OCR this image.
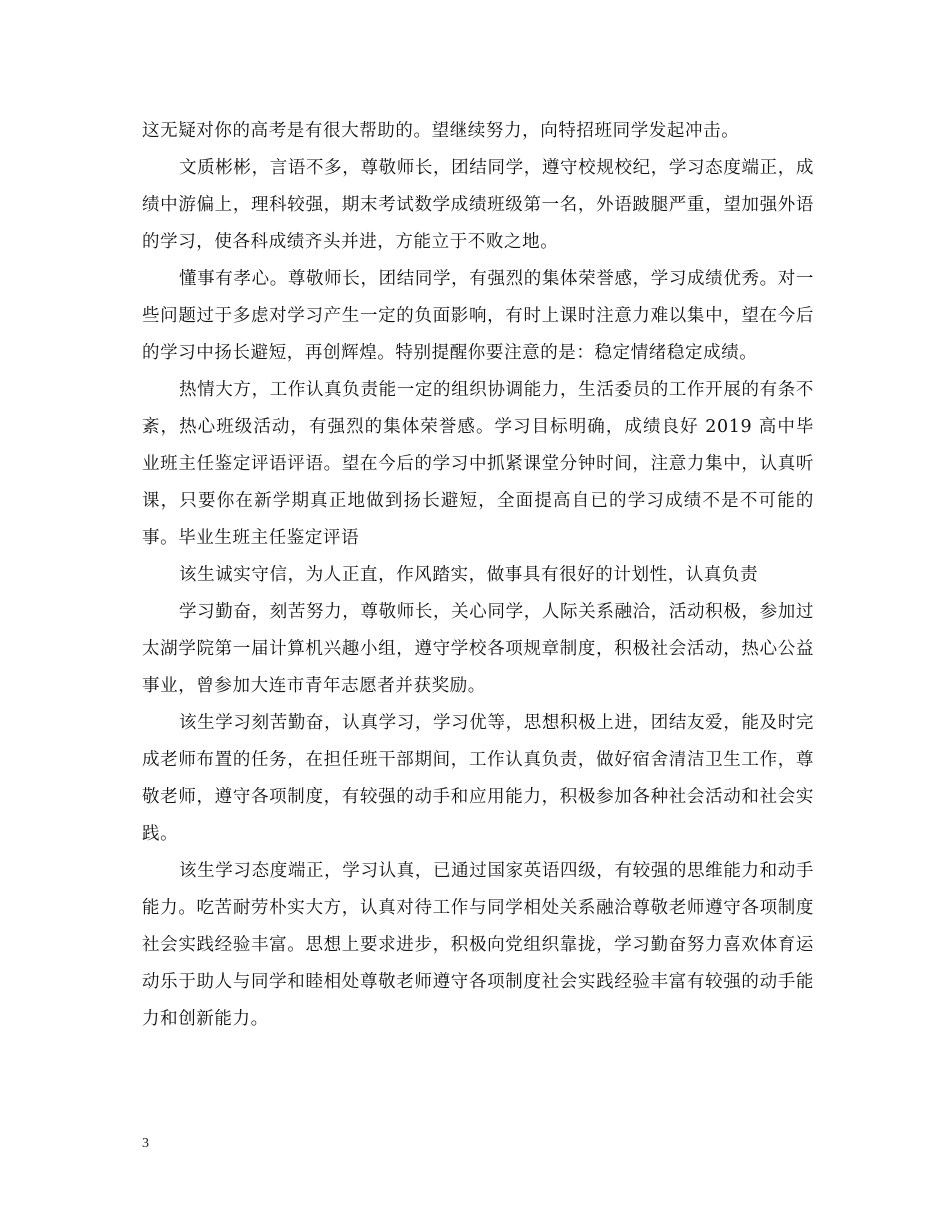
这无疑对你的高考是有很大帮助的。望继续努力，向特招班同学发起冲击。

文质彬彬，言语不多，尊敬师长，团结同学，遵守校规校纪，学习态度端正，成绩中游偏上，理科较强，期末考试数学成绩班级第一名，外语跛腿严重，望加强外语的学习，使各科成绩齐头并进，方能立于不败之地。

懂事有孝心。尊敬师长，团结同学，有强烈的集体荣誉感，学习成绩优秀。对一些问题过于多虑对学习产生一定的负面影响，有时上课时注意力难以集中，望在今后的学习中扬长避短，再创辉煌。特别提醒你要注意的是：稳定情绪稳定成绩。

热情大方，工作认真负责能一定的组织协调能力，生活委员的工作开展的有条不紊，热心班级活动，有强烈的集体荣誉感。学习目标明确，成绩良好 2019 高中毕业班主任鉴定评语评语。望在今后的学习中抓紧课堂分钟时间，注意力集中，认真听课，只要你在新学期真正地做到扬长避短，全面提高自已的学习成绩不是不可能的事。毕业生班主任鉴定评语

该生诚实守信，为人正直，作风踏实，做事具有很好的计划性，认真负责

学习勤奋，刻苦努力，尊敬师长，关心同学，人际关系融洽，活动积极，参加过太湖学院第一届计算机兴趣小组，遵守学校各项规章制度，积极社会活动，热心公益事业，曾参加大连市青年志愿者并获奖励。

该生学习刻苦勤奋，认真学习，学习优等，思想积极上进，团结友爱，能及时完成老师布置的任务，在担任班干部期间，工作认真负责，做好宿舍清洁卫生工作，尊敬老师，遵守各项制度，有较强的动手和应用能力，积极参加各种社会活动和社会实践。

该生学习态度端正，学习认真，已通过国家英语四级，有较强的思维能力和动手能力。吃苦耐劳朴实大方，认真对待工作与同学相处关系融洽尊敬老师遵守各项制度社会实践经验丰富。思想上要求进步，积极向党组织靠拢，学习勤奋努力喜欢体育运动乐于助人与同学和睦相处尊敬老师遵守各项制度社会实践经验丰富有较强的动手能力和创新能力。

3
